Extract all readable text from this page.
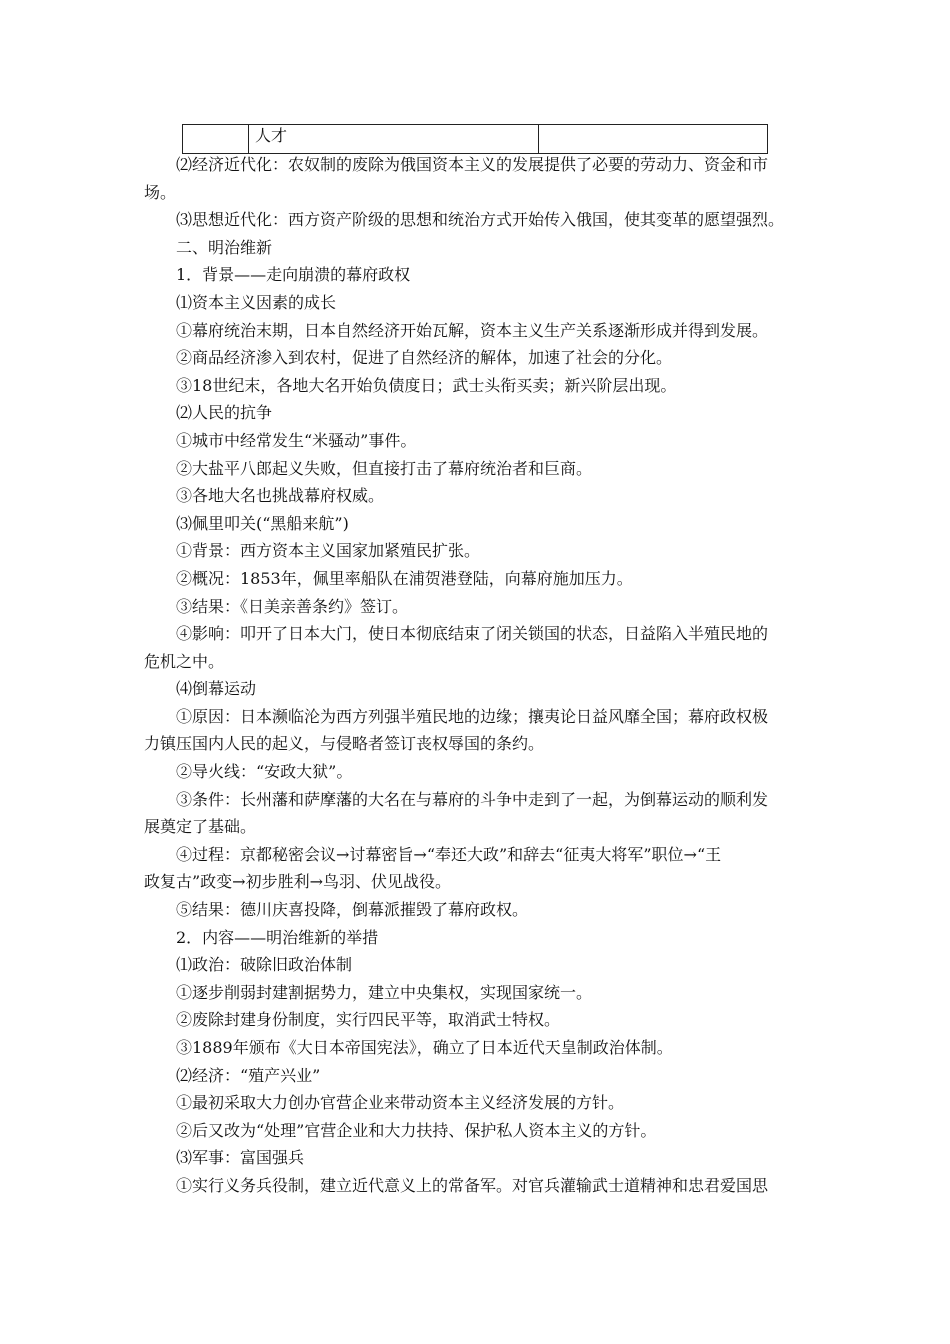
	人才	
⑵经济近代化：农奴制的废除为俄国资本主义的发展提供了必要的劳动力、资金和市
场。
⑶思想近代化：西方资产阶级的思想和统治方式开始传入俄国，使其变革的愿望强烈。
二、明治维新
1．背景——走向崩溃的幕府政权
⑴资本主义因素的成长
①幕府统治末期，日本自然经济开始瓦解，资本主义生产关系逐渐形成并得到发展。
②商品经济渗入到农村，促进了自然经济的解体，加速了社会的分化。
③18世纪末，各地大名开始负债度日；武士头衔买卖；新兴阶层出现。
⑵人民的抗争
①城市中经常发生“米骚动”事件。
②大盐平八郎起义失败，但直接打击了幕府统治者和巨商。
③各地大名也挑战幕府权威。
⑶佩里叩关(“黑船来航”)
①背景：西方资本主义国家加紧殖民扩张。
②概况：1853年，佩里率船队在浦贺港登陆，向幕府施加压力。
③结果：《日美亲善条约》签订。
④影响：叩开了日本大门，使日本彻底结束了闭关锁国的状态，日益陷入半殖民地的
危机之中。
⑷倒幕运动
①原因：日本濒临沦为西方列强半殖民地的边缘；攘夷论日益风靡全国；幕府政权极
力镇压国内人民的起义，与侵略者签订丧权辱国的条约。
②导火线：“安政大狱”。
③条件：长州藩和萨摩藩的大名在与幕府的斗争中走到了一起，为倒幕运动的顺利发
展奠定了基础。
④过程：京都秘密会议→讨幕密旨→“奉还大政”和辞去“征夷大将军”职位→“王
政复古”政变→初步胜利→鸟羽、伏见战役。
⑤结果：德川庆喜投降，倒幕派摧毁了幕府政权。
2．内容——明治维新的举措
⑴政治：破除旧政治体制
①逐步削弱封建割据势力，建立中央集权，实现国家统一。
②废除封建身份制度，实行四民平等，取消武士特权。
③1889年颁布《大日本帝国宪法》，确立了日本近代天皇制政治体制。
⑵经济：“殖产兴业”
①最初采取大力创办官营企业来带动资本主义经济发展的方针。
②后又改为“处理”官营企业和大力扶持、保护私人资本主义的方针。
⑶军事：富国强兵
①实行义务兵役制，建立近代意义上的常备军。对官兵灌输武士道精神和忠君爱国思
